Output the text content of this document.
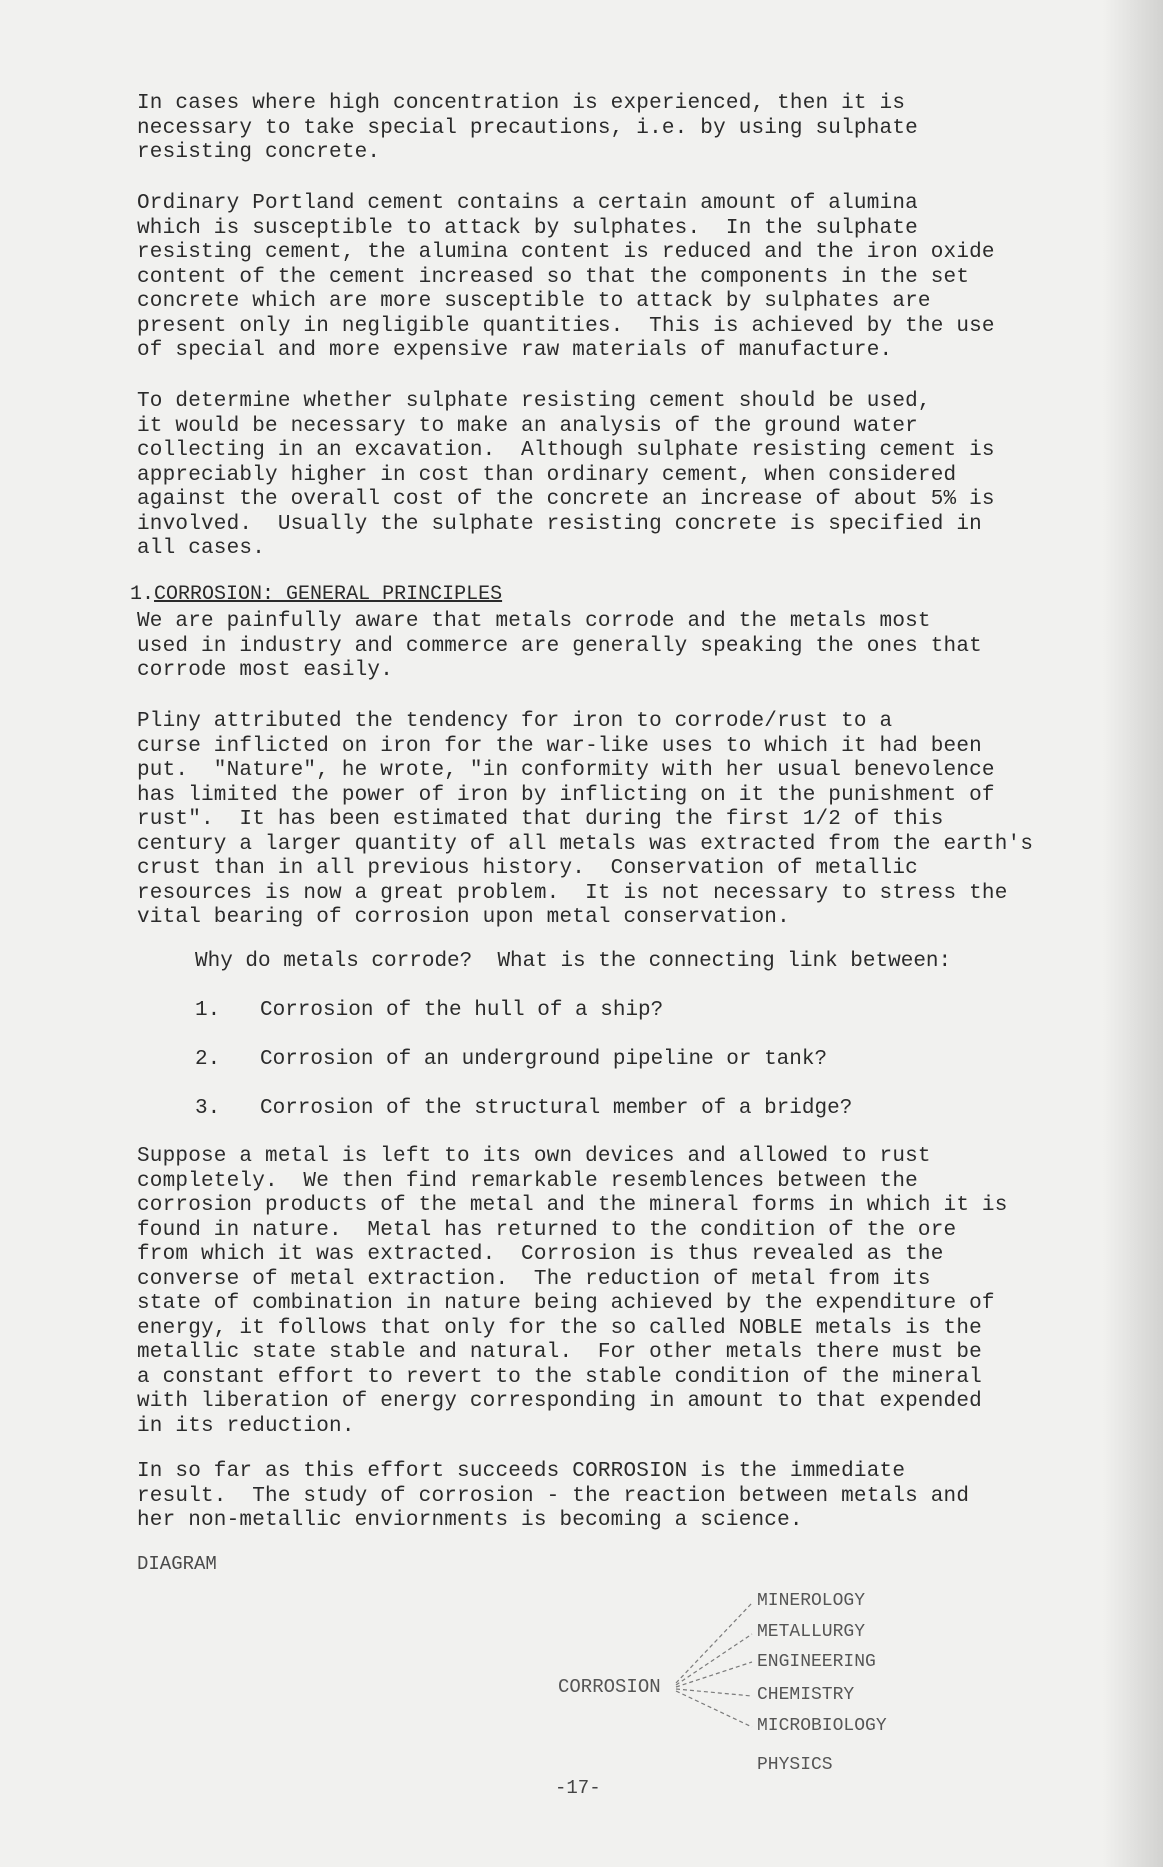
In cases where high concentration is experienced, then it is
necessary to take special precautions, i.e. by using sulphate
resisting concrete.

Ordinary Portland cement contains a certain amount of alumina
which is susceptible to attack by sulphates.  In the sulphate
resisting cement, the alumina content is reduced and the iron oxide
content of the cement increased so that the components in the set
concrete which are more susceptible to attack by sulphates are
present only in negligible quantities.  This is achieved by the use
of special and more expensive raw materials of manufacture.

To determine whether sulphate resisting cement should be used,
it would be necessary to make an analysis of the ground water
collecting in an excavation.  Although sulphate resisting cement is
appreciably higher in cost than ordinary cement, when considered
against the overall cost of the concrete an increase of about 5% is
involved.  Usually the sulphate resisting concrete is specified in
all cases.

1.CORROSION: GENERAL PRINCIPLES

We are painfully aware that metals corrode and the metals most
used in industry and commerce are generally speaking the ones that
corrode most easily.

Pliny attributed the tendency for iron to corrode/rust to a
curse inflicted on iron for the war-like uses to which it had been
put.  "Nature", he wrote, "in conformity with her usual benevolence
has limited the power of iron by inflicting on it the punishment of
rust".  It has been estimated that during the first 1/2 of this
century a larger quantity of all metals was extracted from the earth's
crust than in all previous history.  Conservation of metallic
resources is now a great problem.  It is not necessary to stress the
vital bearing of corrosion upon metal conservation.

Why do metals corrode?  What is the connecting link between:
1. Corrosion of the hull of a ship?
2. Corrosion of an underground pipeline or tank?
3. Corrosion of the structural member of a bridge?

Suppose a metal is left to its own devices and allowed to rust
completely.  We then find remarkable resemblences between the
corrosion products of the metal and the mineral forms in which it is
found in nature.  Metal has returned to the condition of the ore
from which it was extracted.  Corrosion is thus revealed as the
converse of metal extraction.  The reduction of metal from its
state of combination in nature being achieved by the expenditure of
energy, it follows that only for the so called NOBLE metals is the
metallic state stable and natural.  For other metals there must be
a constant effort to revert to the stable condition of the mineral
with liberation of energy corresponding in amount to that expended
in its reduction.

In so far as this effort succeeds CORROSION is the immediate
result.  The study of corrosion - the reaction between metals and
her non-metallic enviornments is becoming a science.

DIAGRAM
CORROSION
MINEROLOGY
METALLURGY
ENGINEERING
CHEMISTRY
MICROBIOLOGY
PHYSICS
-17-
